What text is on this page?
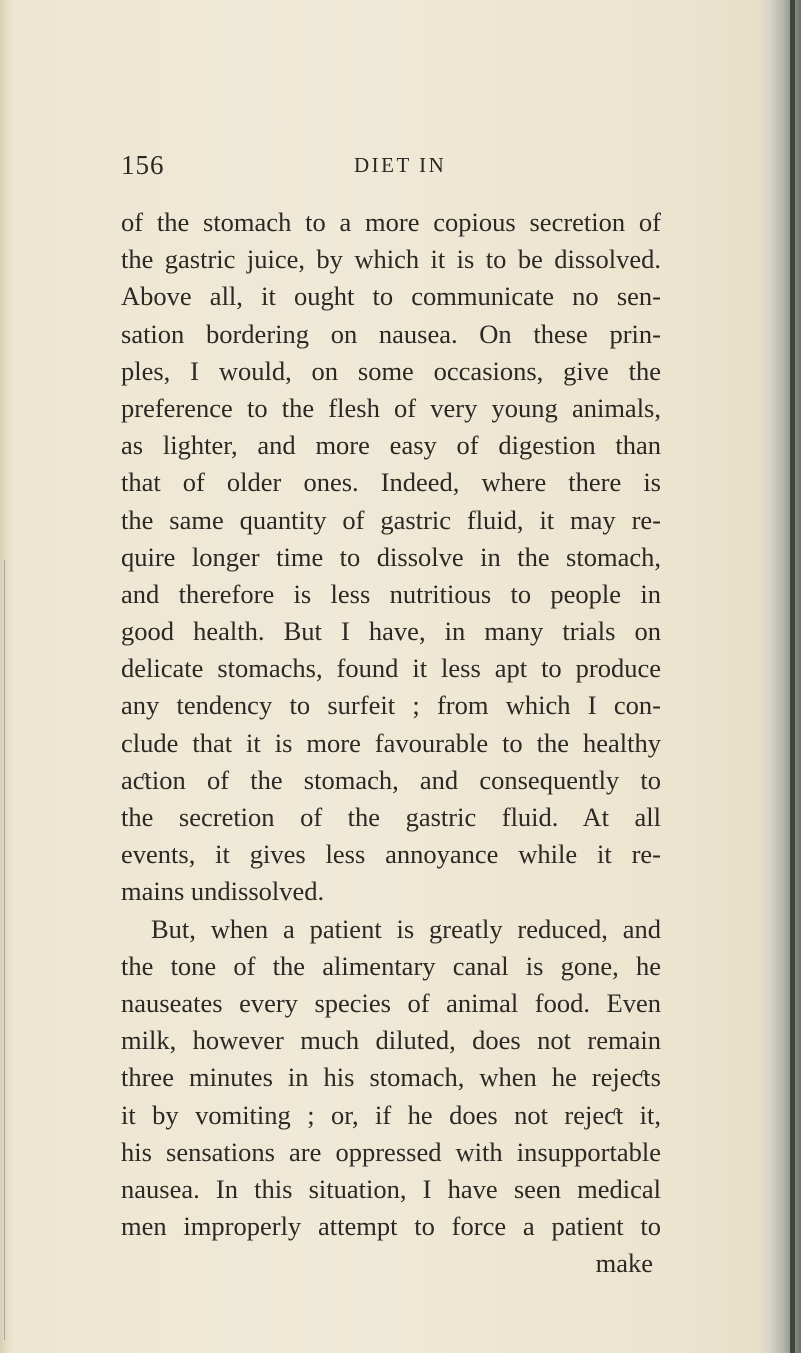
156	DIET IN
of the stomach to a more copious secretion of
the gastric juice, by which it is to be dissolved.
Above all, it ought to communicate no sen-
sation bordering on nausea. On these prin-
ples, I would, on some occasions, give the
preference to the flesh of very young animals,
as lighter, and more easy of digestion than
that of older ones. Indeed, where there is
the same quantity of gastric fluid, it may re-
quire longer time to dissolve in the stomach,
and therefore is less nutritious to people in
good health. But I have, in many trials on
delicate stomachs, found it less apt to produce
any tendency to surfeit ; from which I con-
clude that it is more favourable to the healthy
aƈtion of the stomach, and consequently to
the secretion of the gastric fluid. At all
events, it gives less annoyance while it re-
mains undissolved.
But, when a patient is greatly reduced, and
the tone of the alimentary canal is gone, he
nauseates every species of animal food. Even
milk, however much diluted, does not remain
three minutes in his stomach, when he rejeƈts
it by vomiting ; or, if he does not rejeƈt it,
his sensations are oppressed with insupportable
nausea. In this situation, I have seen medical
men improperly attempt to force a patient to
make
